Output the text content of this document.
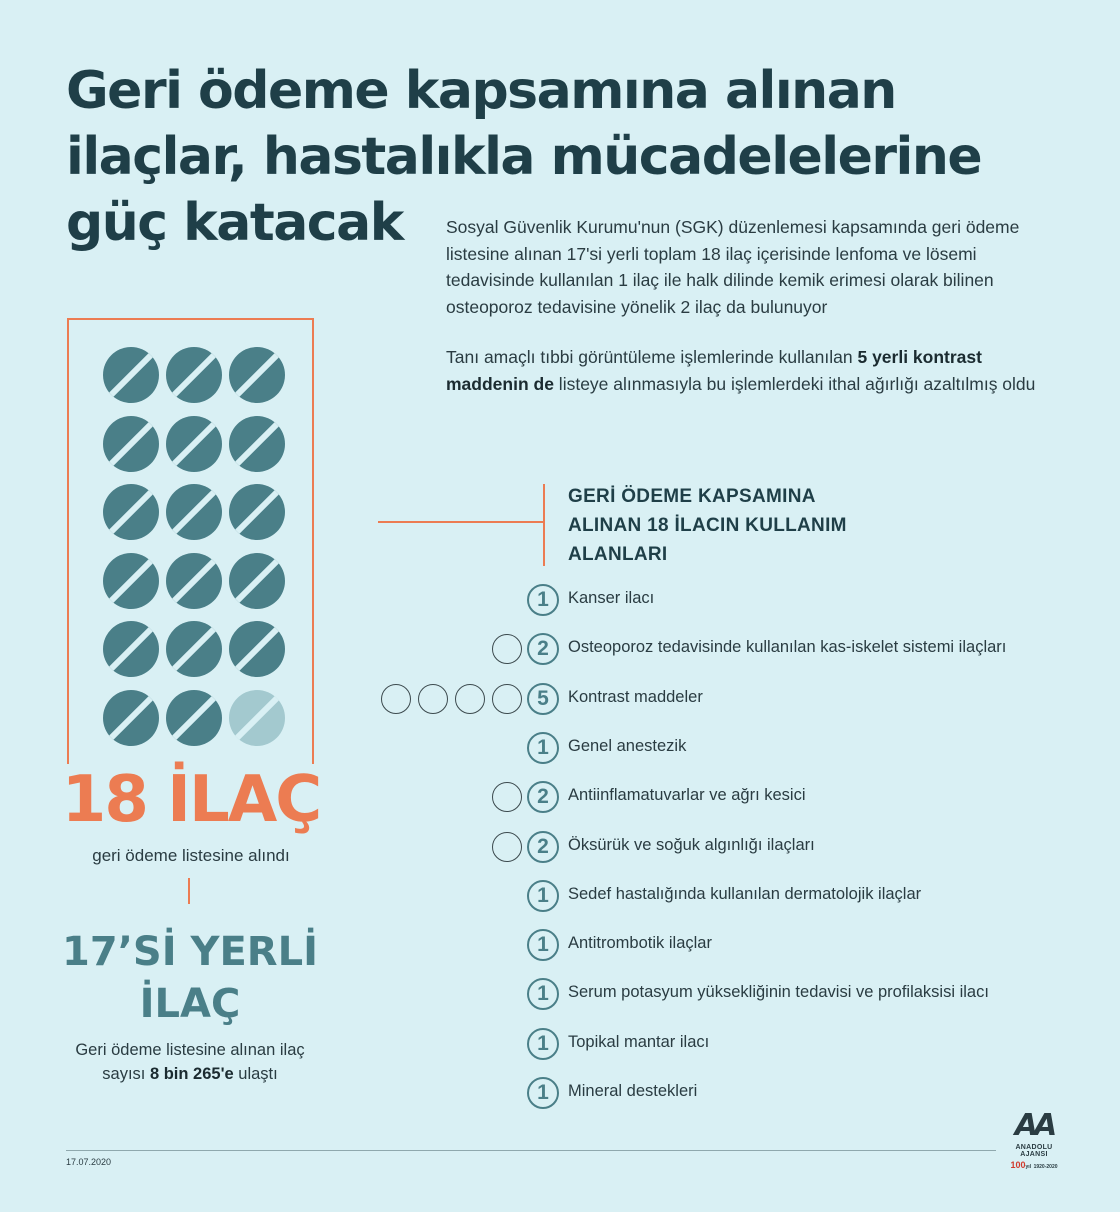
Geri ödeme kapsamına alınan
ilaçlar, hastalıkla mücadelelerine
güç katacak	Sosyal Güvenlik Kurumu'nun (SGK) düzenlemesi kapsamında geri ödeme listesine alınan 17'si yerli toplam 18 ilaç içerisinde lenfoma ve lösemi tedavisinde kullanılan 1 ilaç ile halk dilinde kemik erimesi olarak bilinen osteoporoz tedavisine yönelik 2 ilaç da bulunuyor

Tanı amaçlı tıbbi görüntüleme işlemlerinde kullanılan 5 yerli kontrast maddenin de listeye alınmasıyla bu işlemlerdeki ithal ağırlığı azaltılmış oldu

18 İLAÇ
geri ödeme listesine alındı
17’Sİ YERLİ
İLAÇ
Geri ödeme listesine alınan ilaç sayısı 8 bin 265'e ulaştı
GERİ ÖDEME KAPSAMINA
ALINAN 18 İLACIN KULLANIM
ALANLARI
1	Kanser ilacı
2	Osteoporoz tedavisinde kullanılan kas-iskelet sistemi ilaçları
5	Kontrast maddeler
1	Genel anestezik
2	Antiinflamatuvarlar ve ağrı kesici
2	Öksürük ve soğuk algınlığı ilaçları
1	Sedef hastalığında kullanılan dermatolojik ilaçlar
1	Antitrombotik ilaçlar
1	Serum potasyum yüksekliğinin tedavisi ve profilaksisi ilacı
1	Topikal mantar ilacı
1	Mineral destekleri
17.07.2020
AA
ANADOLU AJANSI
100yıl 1920-2020
